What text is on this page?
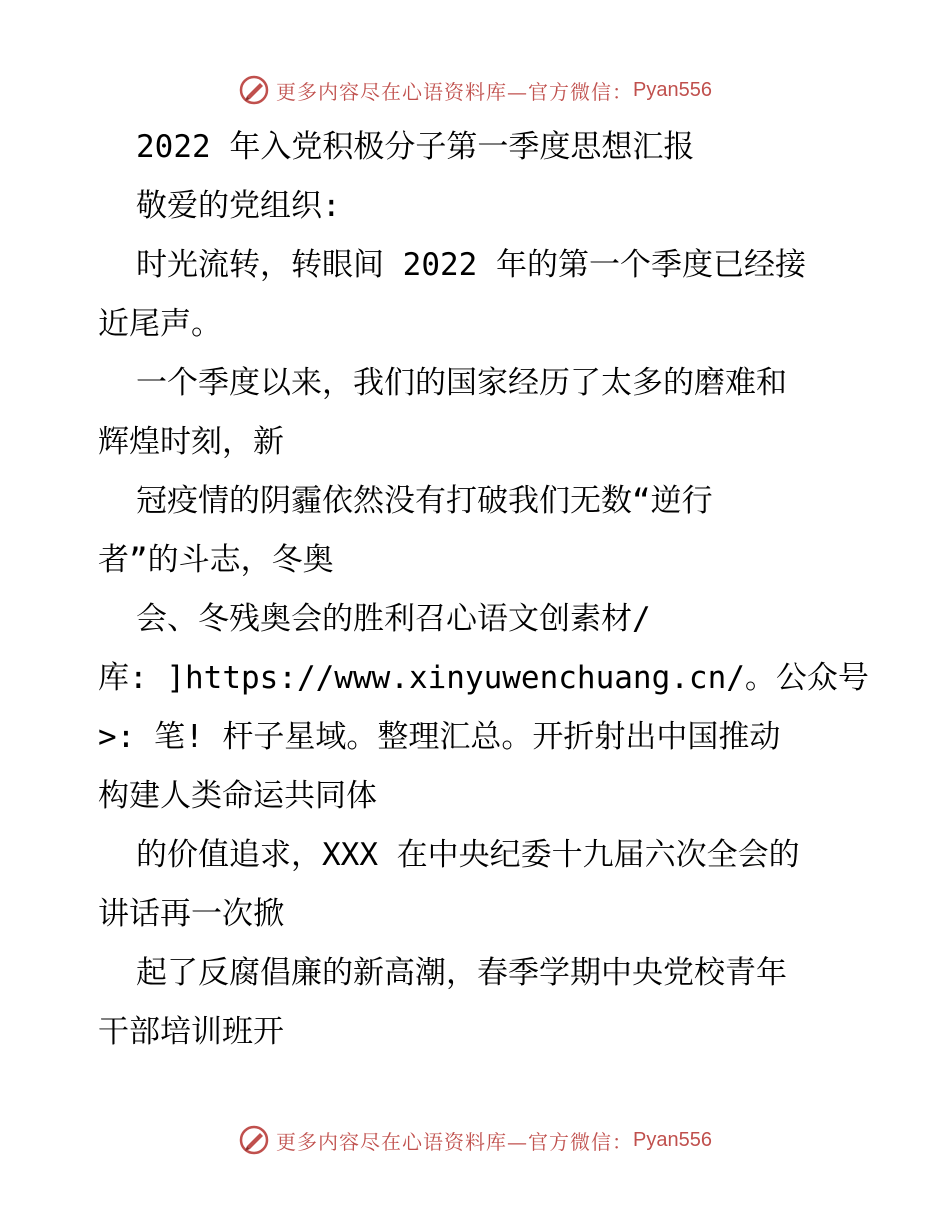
更多内容尽在心语资料库—官方微信： Pyan556
2022 年入党积极分子第一季度思想汇报
敬爱的党组织:
时光流转，转眼间 2022 年的第一个季度已经接
近尾声。
一个季度以来，我们的国家经历了太多的磨难和
辉煌时刻，新
冠疫情的阴霾依然没有打破我们无数“逆行
者”的斗志，冬奥
会、冬残奥会的胜利召心语文创素材/
库: ]https://www.xinyuwenchuang.cn/。公众号
>: 笔! 杆子星域。整理汇总。开折射出中国推动
构建人类命运共同体
的价值追求，XXX 在中央纪委十九届六次全会的
讲话再一次掀
起了反腐倡廉的新高潮，春季学期中央党校青年
干部培训班开
更多内容尽在心语资料库—官方微信： Pyan556
